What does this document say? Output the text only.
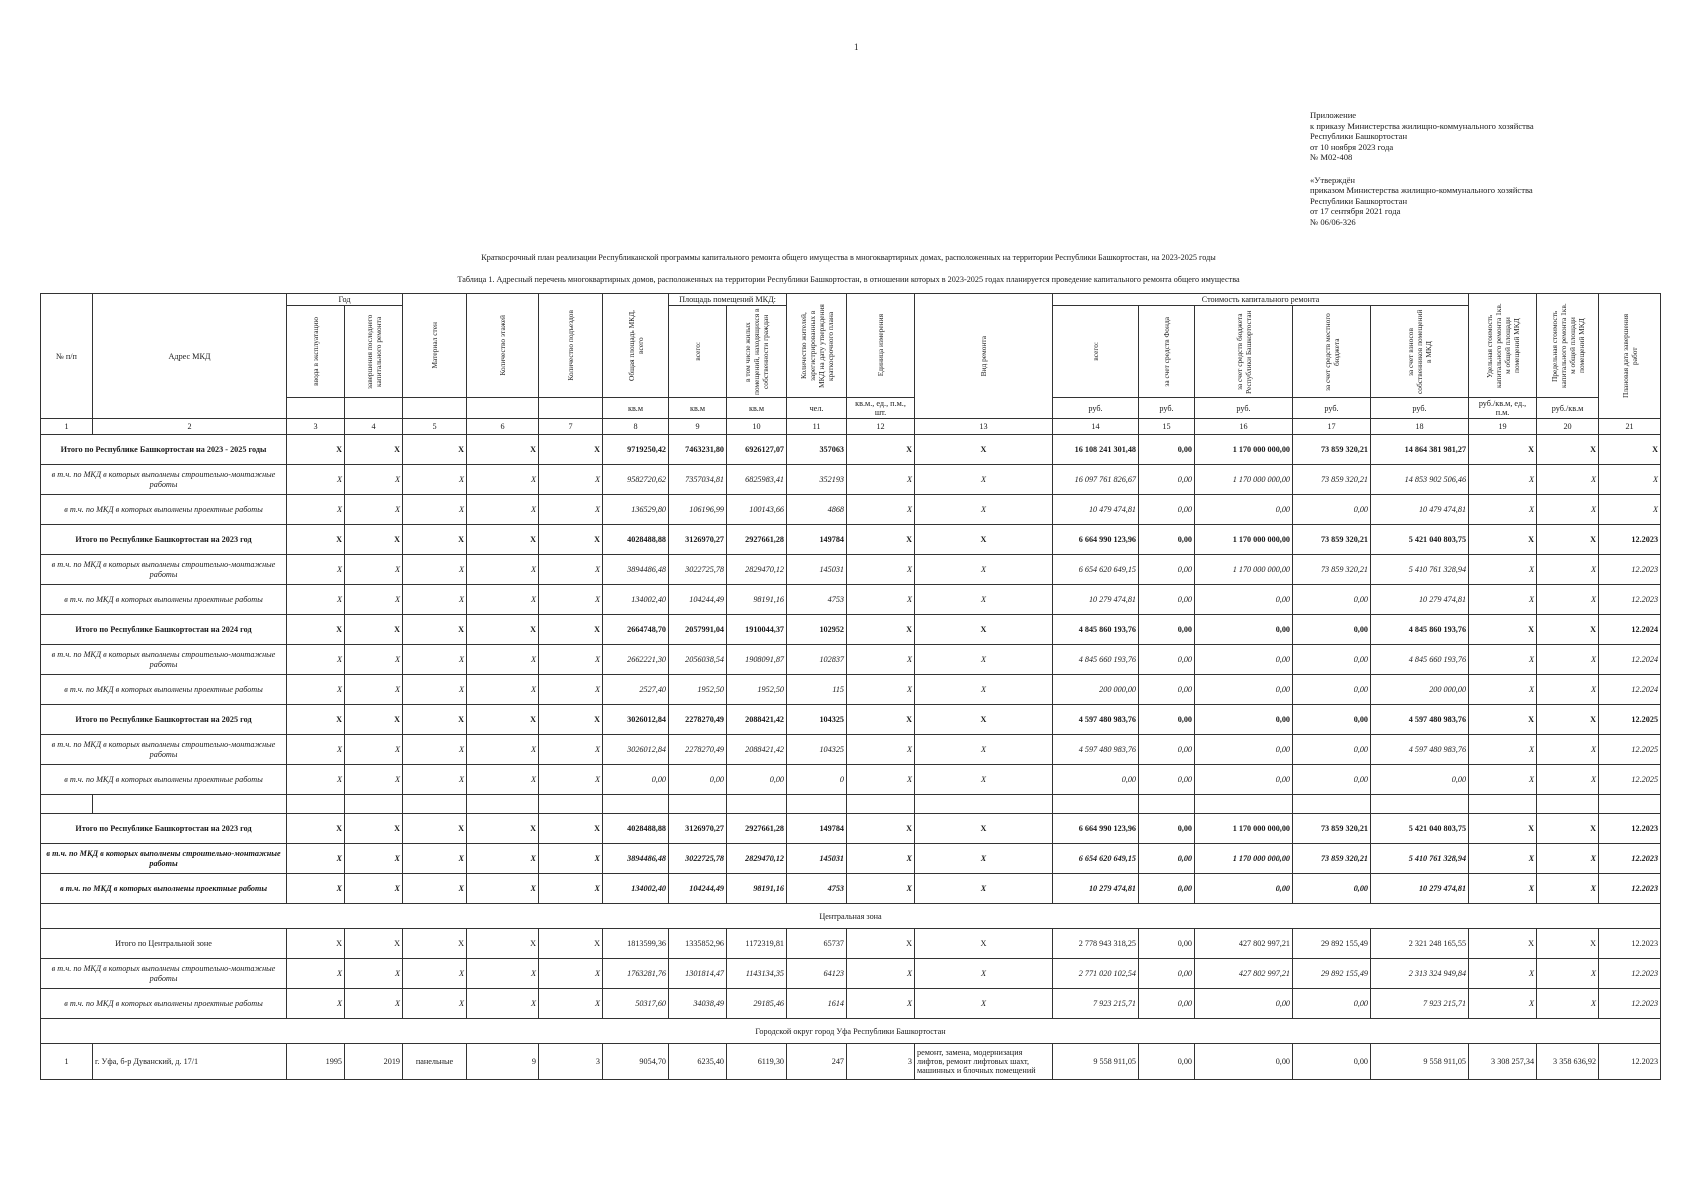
1
Приложение
к приказу Министерства жилищно-коммунального хозяйства
Республики Башкортостан
от 10 ноября 2023 года
№ М02-408
«Утверждён
приказом Министерства жилищно-коммунального хозяйства
Республики Башкортостан
от 17 сентября 2021 года
№ 06/06-326
Краткосрочный план реализации Республиканской программы капитального ремонта общего имущества в многоквартирных домах, расположенных на территории Республики Башкортостан, на 2023-2025 годы
Таблица 1. Адресный перечень многоквартирных домов, расположенных на территории Республики Башкортостан, в отношении которых в 2023-2025 годах планируется проведение капитального ремонта общего имущества
№ п/п	Адрес МКД	Год		Материал стен	Количество этажей	Количество подъездов	Общая площадь МКД, всего	Площадь помещений МКД:		Количество жителей, зарегистрированных в МКД на дату утверждения краткосрочного плана	Единица измерения	Вид ремонта	Стоимость капитального ремонта					Удельная стоимость капитального ремонта 1кв. м общей площади помещений МКД	Предельная стоимость капитального ремонта 1кв. м общей площади помещений МКД	Плановая дата завершения работ

		ввода в эксплуатацию	завершения последнего капитального ремонта					всего:	в том числе жилых помещений, находящихся в собственности граждан				всего:	за счет средств Фонда	за счет средств бюджета Республики Башкортостан	за счет средств местного бюджета	за счет взносов собственников помещений в МКД			

							кв.м	кв.м	кв.м	чел.	кв.м., ед., п.м., шт.		руб.	руб.	руб.	руб.	руб.	руб./кв.м, ед., п.м.	руб./кв.м	
1	2	3	4	5	6	7	8	9	10	11	12	13	14	15	16	17	18	19	20	21
Итого по Республике Башкортостан на 2023 - 2025 годы		X	X	X	X	X	9719250,42	7463231,80	6926127,07	357063	X	X	16 108 241 301,48	0,00	1 170 000 000,00	73 859 320,21	14 864 381 981,27	X	X	X
в т.ч. по МКД в которых выполнены строительно-монтажные работы		X	X	X	X	X	9582720,62	7357034,81	6825983,41	352193	X	X	16 097 761 826,67	0,00	1 170 000 000,00	73 859 320,21	14 853 902 506,46	X	X	X
в т.ч. по МКД в которых выполнены проектные работы		X	X	X	X	X	136529,80	106196,99	100143,66	4868	X	X	10 479 474,81	0,00	0,00	0,00	10 479 474,81	X	X	X
Итого по Республике Башкортостан на 2023 год		X	X	X	X	X	4028488,88	3126970,27	2927661,28	149784	X	X	6 664 990 123,96	0,00	1 170 000 000,00	73 859 320,21	5 421 040 803,75	X	X	12.2023
в т.ч. по МКД в которых выполнены строительно-монтажные работы		X	X	X	X	X	3894486,48	3022725,78	2829470,12	145031	X	X	6 654 620 649,15	0,00	1 170 000 000,00	73 859 320,21	5 410 761 328,94	X	X	12.2023
в т.ч. по МКД в которых выполнены проектные работы		X	X	X	X	X	134002,40	104244,49	98191,16	4753	X	X	10 279 474,81	0,00	0,00	0,00	10 279 474,81	X	X	12.2023
Итого по Республике Башкортостан на 2024 год		X	X	X	X	X	2664748,70	2057991,04	1910044,37	102952	X	X	4 845 860 193,76	0,00	0,00	0,00	4 845 860 193,76	X	X	12.2024
в т.ч. по МКД в которых выполнены строительно-монтажные работы		X	X	X	X	X	2662221,30	2056038,54	1908091,87	102837	X	X	4 845 660 193,76	0,00	0,00	0,00	4 845 660 193,76	X	X	12.2024
в т.ч. по МКД в которых выполнены проектные работы		X	X	X	X	X	2527,40	1952,50	1952,50	115	X	X	200 000,00	0,00	0,00	0,00	200 000,00	X	X	12.2024
Итого по Республике Башкортостан на 2025 год		X	X	X	X	X	3026012,84	2278270,49	2088421,42	104325	X	X	4 597 480 983,76	0,00	0,00	0,00	4 597 480 983,76	X	X	12.2025
в т.ч. по МКД в которых выполнены строительно-монтажные работы		X	X	X	X	X	3026012,84	2278270,49	2088421,42	104325	X	X	4 597 480 983,76	0,00	0,00	0,00	4 597 480 983,76	X	X	12.2025
в т.ч. по МКД в которых выполнены проектные работы		X	X	X	X	X	0,00	0,00	0,00	0	X	X	0,00	0,00	0,00	0,00	0,00	X	X	12.2025

Итого по Республике Башкортостан на 2023 год		X	X	X	X	X	4028488,88	3126970,27	2927661,28	149784	X	X	6 664 990 123,96	0,00	1 170 000 000,00	73 859 320,21	5 421 040 803,75	X	X	12.2023
в т.ч. по МКД в которых выполнены строительно-монтажные работы		X	X	X	X	X	3894486,48	3022725,78	2829470,12	145031	X	X	6 654 620 649,15	0,00	1 170 000 000,00	73 859 320,21	5 410 761 328,94	X	X	12.2023
в т.ч. по МКД в которых выполнены проектные работы		X	X	X	X	X	134002,40	104244,49	98191,16	4753	X	X	10 279 474,81	0,00	0,00	0,00	10 279 474,81	X	X	12.2023
Центральная зона																				
Итого по Центральной зоне		X	X	X	X	X	1813599,36	1335852,96	1172319,81	65737	X	X	2 778 943 318,25	0,00	427 802 997,21	29 892 155,49	2 321 248 165,55	X	X	12.2023
в т.ч. по МКД в которых выполнены строительно-монтажные работы		X	X	X	X	X	1763281,76	1301814,47	1143134,35	64123	X	X	2 771 020 102,54	0,00	427 802 997,21	29 892 155,49	2 313 324 949,84	X	X	12.2023
в т.ч. по МКД в которых выполнены проектные работы		X	X	X	X	X	50317,60	34038,49	29185,46	1614	X	X	7 923 215,71	0,00	0,00	0,00	7 923 215,71	X	X	12.2023
Городской округ город Уфа Республики Башкортостан																				
1	г. Уфа, б-р Дуванский, д. 17/1	1995	2019	панельные	9	3	9054,70	6235,40	6119,30	247	3	ремонт, замена, модернизация лифтов, ремонт лифтовых шахт, машинных и блочных помещений	9 558 911,05	0,00	0,00	0,00	9 558 911,05	3 308 257,34	3 358 636,92	12.2023
